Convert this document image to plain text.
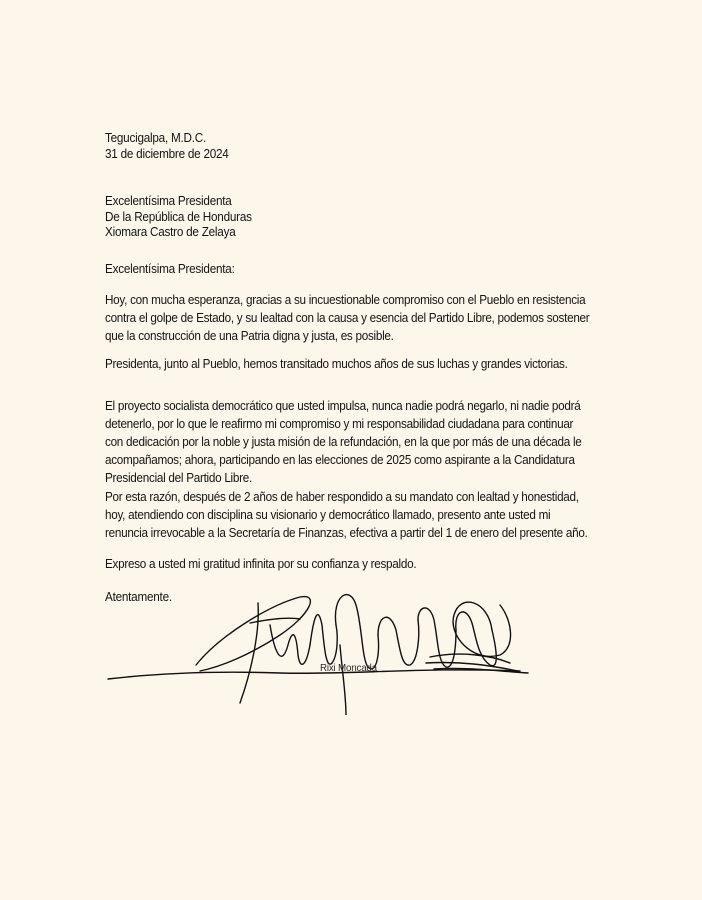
Tegucigalpa, M.D.C.

31 de diciembre de 2024

Excelentísima Presidenta

De la República de Honduras

Xiomara Castro de Zelaya

Excelentísima Presidenta:

Hoy, con mucha esperanza, gracias a su incuestionable compromiso con el Pueblo en resistencia
contra el golpe de Estado, y su lealtad con la causa y esencia del Partido Libre, podemos sostener
que la construcción de una Patria digna y justa, es posible.
Presidenta, junto al Pueblo, hemos transitado muchos años de sus luchas y grandes victorias.
El proyecto socialista democrático que usted impulsa, nunca nadie podrá negarlo, ni nadie podrá
detenerlo, por lo que le reafirmo mi compromiso y mi responsabilidad ciudadana para continuar
con dedicación por la noble y justa misión de la refundación, en la que por más de una década le
acompañamos; ahora, participando en las elecciones de 2025 como aspirante a la Candidatura
Presidencial del Partido Libre.
Por esta razón, después de 2 años de haber respondido a su mandato con lealtad y honestidad,
hoy, atendiendo con disciplina su visionario y democrático llamado, presento ante usted mi
renuncia irrevocable a la Secretaría de Finanzas, efectiva a partir del 1 de enero del presente año.
Expreso a usted mi gratitud infinita por su confianza y respaldo.

Atentamente.

Rixi Moncada
